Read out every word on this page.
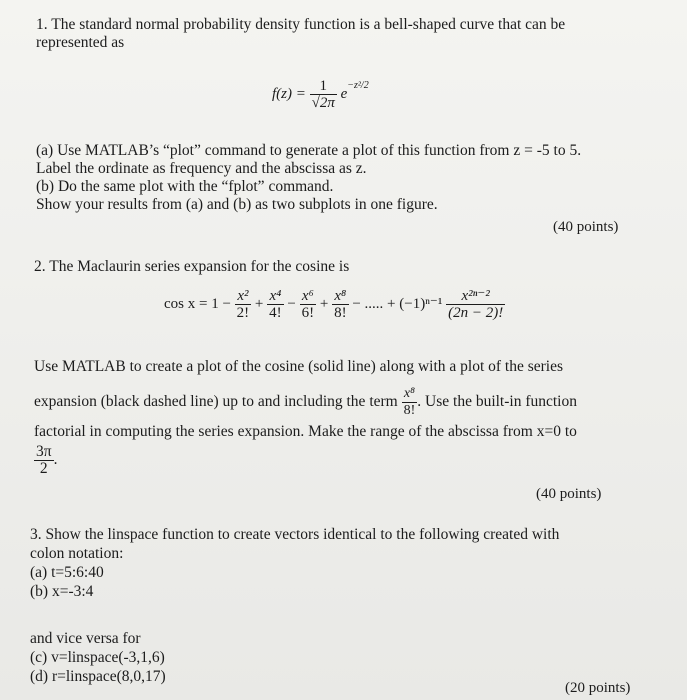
1. The standard normal probability density function is a bell-shaped curve that can be
represented as
$f(z) = \frac{1}{√2\pi} e^{-z^2/2}$
(a) Use MATLAB’s “plot” command to generate a plot of this function from z = -5 to 5.
Label the ordinate as frequency and the abscissa as z.
(b) Do the same plot with the “fplot” command.
Show your results from (a) and (b) as two subplots in one figure.
(40 points)
2. The Maclaurin series expansion for the cosine is
$\cos x = 1 - \frac{\text{x²}}{2!} + \frac{\text{x⁴}}{4!} - \frac{\text{x⁶}}{6!} + \frac{\text{x⁸}}{8!}$ − ..... + $(-1)^{n-1} \frac{\text{x²ⁿ⁻²}}{(2n - 2)!}$
Use MATLAB to create a plot of the cosine (solid line) along with a plot of the series
expansion (black dashed line) up to and including the term $\frac{\text{x⁸}}{8!}$ . Use the built-in function
factorial in computing the series expansion. Make the range of the abscissa from x=0 to
$\frac{3\pi}{2}$ .
(40 points)
3. Show the linspace function to create vectors identical to the following created with
colon notation:
(a) t=5:6:40
(b) x=-3:4
and vice versa for
(c) v=linspace(-3,1,6)
(d) r=linspace(8,0,17)
(20 points)
